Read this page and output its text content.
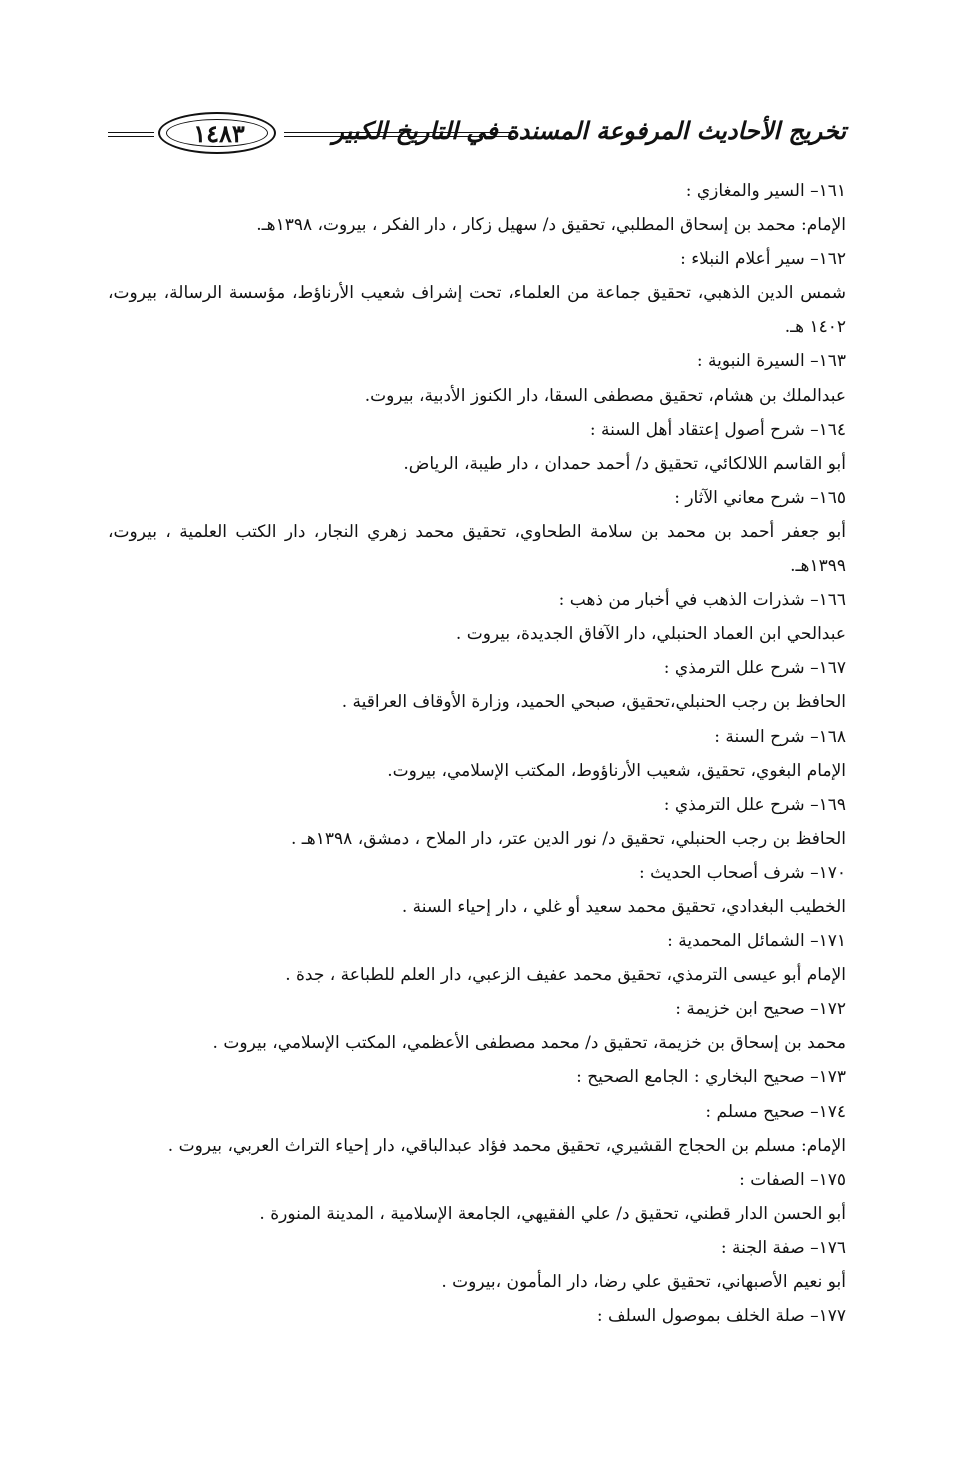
١٤٨٣	تخريج الأحاديث المرفوعة المسندة في التاريخ الكبير
١٦١– السير والمغازي :
الإمام: محمد بن إسحاق المطلبي، تحقيق د/ سهيل زكار ، دار الفكر ، بيروت، ١٣٩٨هـ.
١٦٢– سير أعلام النبلاء :
شمس الدين الذهبي، تحقيق جماعة من العلماء، تحت إشراف شعيب الأرناؤط، مؤسسة الرسالة، بيروت، ١٤٠٢ هـ.
١٦٣– السيرة النبوية :
عبدالملك بن هشام، تحقيق مصطفى السقا، دار الكنوز الأدبية، بيروت.
١٦٤– شرح أصول إعتقاد أهل السنة :
أبو القاسم اللالكائي، تحقيق د/ أحمد حمدان ، دار طيبة، الرياض.
١٦٥– شرح معاني الآثار :
أبو جعفر أحمد بن محمد بن سلامة الطحاوي، تحقيق محمد زهري النجار، دار الكتب العلمية ، بيروت، ١٣٩٩هـ.
١٦٦– شذرات الذهب في أخبار من ذهب :
عبدالحي ابن العماد الحنبلي، دار الآفاق الجديدة، بيروت .
١٦٧– شرح علل الترمذي :
الحافظ بن رجب الحنبلي،تحقيق، صبحي الحميد، وزارة الأوقاف العراقية .
١٦٨– شرح السنة :
الإمام البغوي، تحقيق، شعيب الأرناؤوط، المكتب الإسلامي، بيروت.
١٦٩– شرح علل الترمذي :
الحافظ بن رجب الحنبلي، تحقيق د/ نور الدين عتر، دار الملاح ، دمشق، ١٣٩٨هـ .
١٧٠– شرف أصحاب الحديث :
الخطيب البغدادي، تحقيق محمد سعيد أو غلي ، دار إحياء السنة .
١٧١– الشمائل المحمدية :
الإمام أبو عيسى الترمذي، تحقيق محمد عفيف الزعبي، دار العلم للطباعة ، جدة .
١٧٢– صحيح ابن خزيمة :
محمد بن إسحاق بن خزيمة، تحقيق د/ محمد مصطفى الأعظمي، المكتب الإسلامي، بيروت .
١٧٣– صحيح البخاري : الجامع الصحيح :
١٧٤– صحيح مسلم :
الإمام: مسلم بن الحجاج القشيري، تحقيق محمد فؤاد عبدالباقي، دار إحياء التراث العربي، بيروت .
١٧٥– الصفات :
أبو الحسن الدار قطني، تحقيق د/ علي الفقيهي، الجامعة الإسلامية ، المدينة المنورة .
١٧٦– صفة الجنة :
أبو نعيم الأصبهاني، تحقيق علي رضا، دار المأمون ،بيروت .
١٧٧– صلة الخلف بموصول السلف :
